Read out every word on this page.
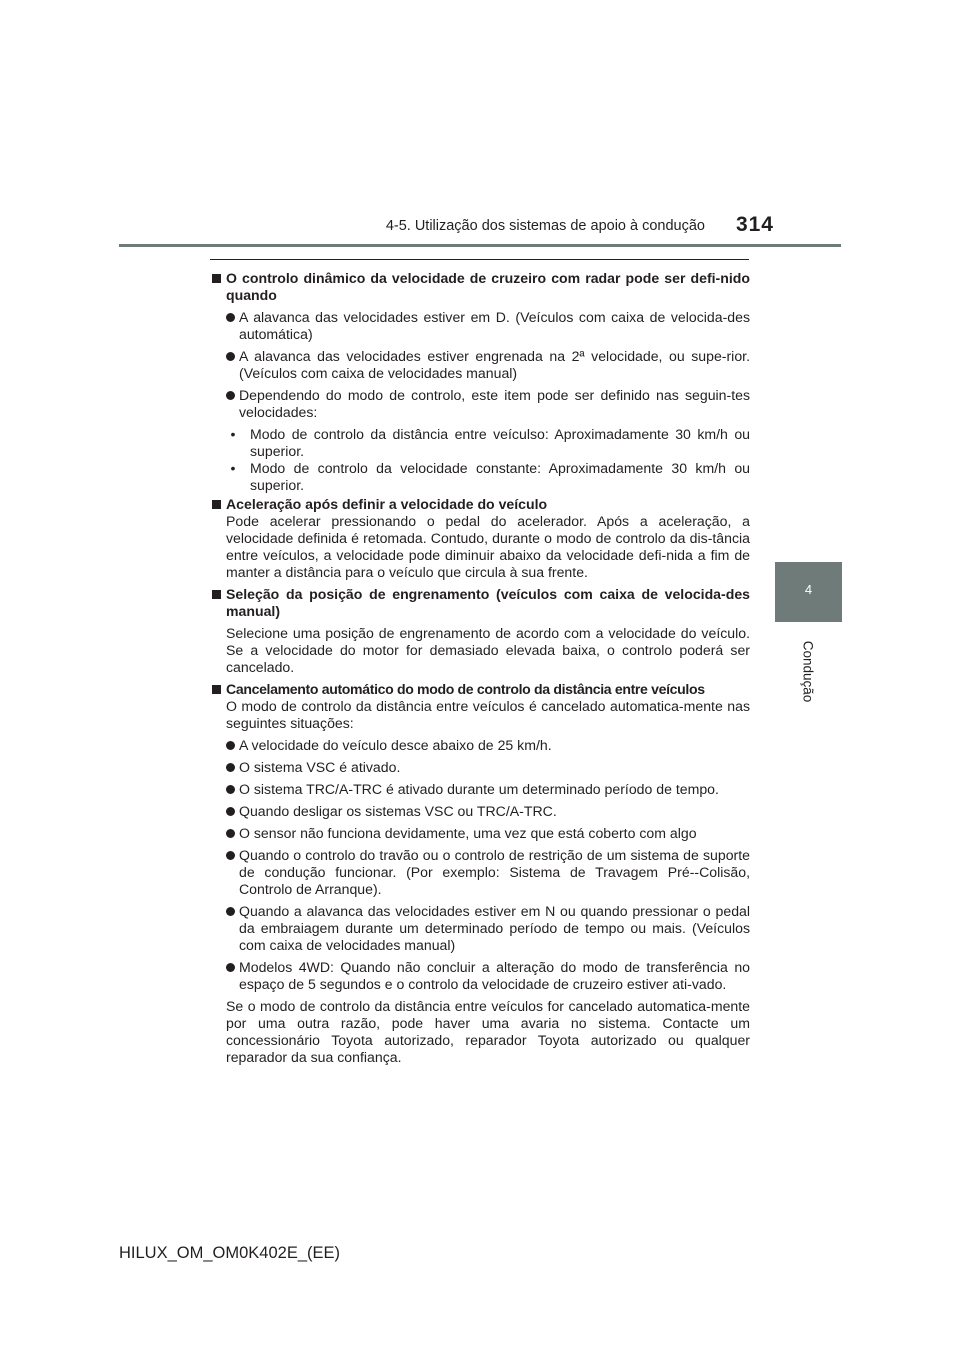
4-5. Utilização dos sistemas de apoio à condução	314
4
Condução
O controlo dinâmico da velocidade de cruzeiro com radar pode ser defi-nido quando
A alavanca das velocidades estiver em D. (Veículos com caixa de velocida-des automática)
A alavanca das velocidades estiver engrenada na 2ª velocidade, ou supe-rior. (Veículos com caixa de velocidades manual)
Dependendo do modo de controlo, este item pode ser definido nas seguin-tes velocidades:
• Modo de controlo da distância entre veículso: Aproximadamente 30 km/h ou superior.
• Modo de controlo da velocidade constante: Aproximadamente 30 km/h ou superior.
Aceleração após definir a velocidade do veículo
Pode acelerar pressionando o pedal do acelerador. Após a aceleração, a velocidade definida é retomada. Contudo, durante o modo de controlo da dis-tância entre veículos, a velocidade pode diminuir abaixo da velocidade defi-nida a fim de manter a distância para o veículo que circula à sua frente.
Seleção da posição de engrenamento (veículos com caixa de velocida-des manual)
Selecione uma posição de engrenamento de acordo com a velocidade do veículo. Se a velocidade do motor for demasiado elevada baixa, o controlo poderá ser cancelado.
Cancelamento automático do modo de controlo da distância entre veículos
O modo de controlo da distância entre veículos é cancelado automatica-mente nas seguintes situações:
A velocidade do veículo desce abaixo de 25 km/h.
O sistema VSC é ativado.
O sistema TRC/A-TRC é ativado durante um determinado período de tempo.
Quando desligar os sistemas VSC ou TRC/A-TRC.
O sensor não funciona devidamente, uma vez que está coberto com algo
Quando o controlo do travão ou o controlo de restrição de um sistema de suporte de condução funcionar. (Por exemplo: Sistema de Travagem Pré--Colisão, Controlo de Arranque).
Quando a alavanca das velocidades estiver em N ou quando pressionar o pedal da embraiagem durante um determinado período de tempo ou mais. (Veículos com caixa de velocidades manual)
Modelos 4WD: Quando não concluir a alteração do modo de transferência no espaço de 5 segundos e o controlo da velocidade de cruzeiro estiver ati-vado.
Se o modo de controlo da distância entre veículos for cancelado automatica-mente por uma outra razão, pode haver uma avaria no sistema. Contacte um concessionário Toyota autorizado, reparador Toyota autorizado ou qualquer reparador da sua confiança.
HILUX_OM_OM0K402E_(EE)
